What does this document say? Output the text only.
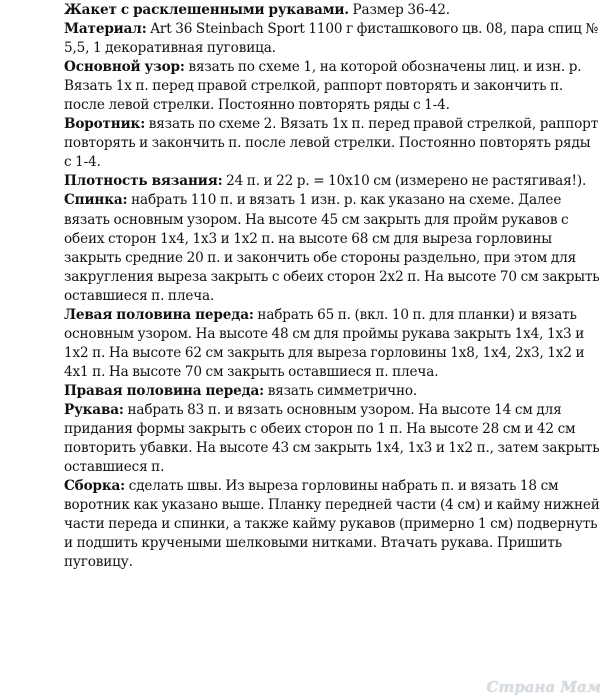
Жакет с расклешенными рукавами. Размер 36-42.

Материал: Art 36 Steinbach Sport 1100 г фисташкового цв. 08, пара спиц № 5,5, 1 декоративная пуговица.

Основной узор: вязать по схеме 1, на которой обозначены лиц. и изн. р. Вязать 1х п. перед правой стрелкой, раппорт повторять и закончить п. после левой стрелки. Постоянно повторять ряды с 1-4.

Воротник: вязать по схеме 2. Вязать 1х п. перед правой стрелкой, раппорт повторять и закончить п. после левой стрелки. Постоянно повторять ряды с 1-4.

Плотность вязания: 24 п. и 22 р. = 10х10 см (измерено не растягивая!).

Спинка: набрать 110 п. и вязать 1 изн. р. как указано на схеме. Далее вязать основным узором. На высоте 45 см закрыть для пройм рукавов с обеих сторон 1х4, 1х3 и 1х2 п. на высоте 68 см для выреза горловины закрыть средние 20 п. и закончить обе стороны раздельно, при этом для закругления выреза закрыть с обеих сторон 2х2 п. На высоте 70 см закрыть оставшиеся п. плеча.

Левая половина переда: набрать 65 п. (вкл. 10 п. для планки) и вязать основным узором. На высоте 48 см для проймы рукава закрыть 1х4, 1х3 и 1х2 п. На высоте 62 см закрыть для выреза горловины 1х8, 1х4, 2х3, 1х2 и 4х1 п. На высоте 70 см закрыть оставшиеся п. плеча.

Правая половина переда: вязать симметрично.

Рукава: набрать 83 п. и вязать основным узором. На высоте 14 см для придания формы закрыть с обеих сторон по 1 п. На высоте 28 см и 42 см повторить убавки. На высоте 43 см закрыть 1х4, 1х3 и 1х2 п., затем закрыть оставшиеся п.

Сборка: сделать швы. Из выреза горловины набрать п. и вязать 18 см воротник как указано выше. Планку передней части (4 см) и кайму нижней части переда и спинки, а также кайму рукавов (примерно 1 см) подвернуть и подшить кручеными шелковыми нитками. Втачать рукава. Пришить пуговицу.

Страна Мам
